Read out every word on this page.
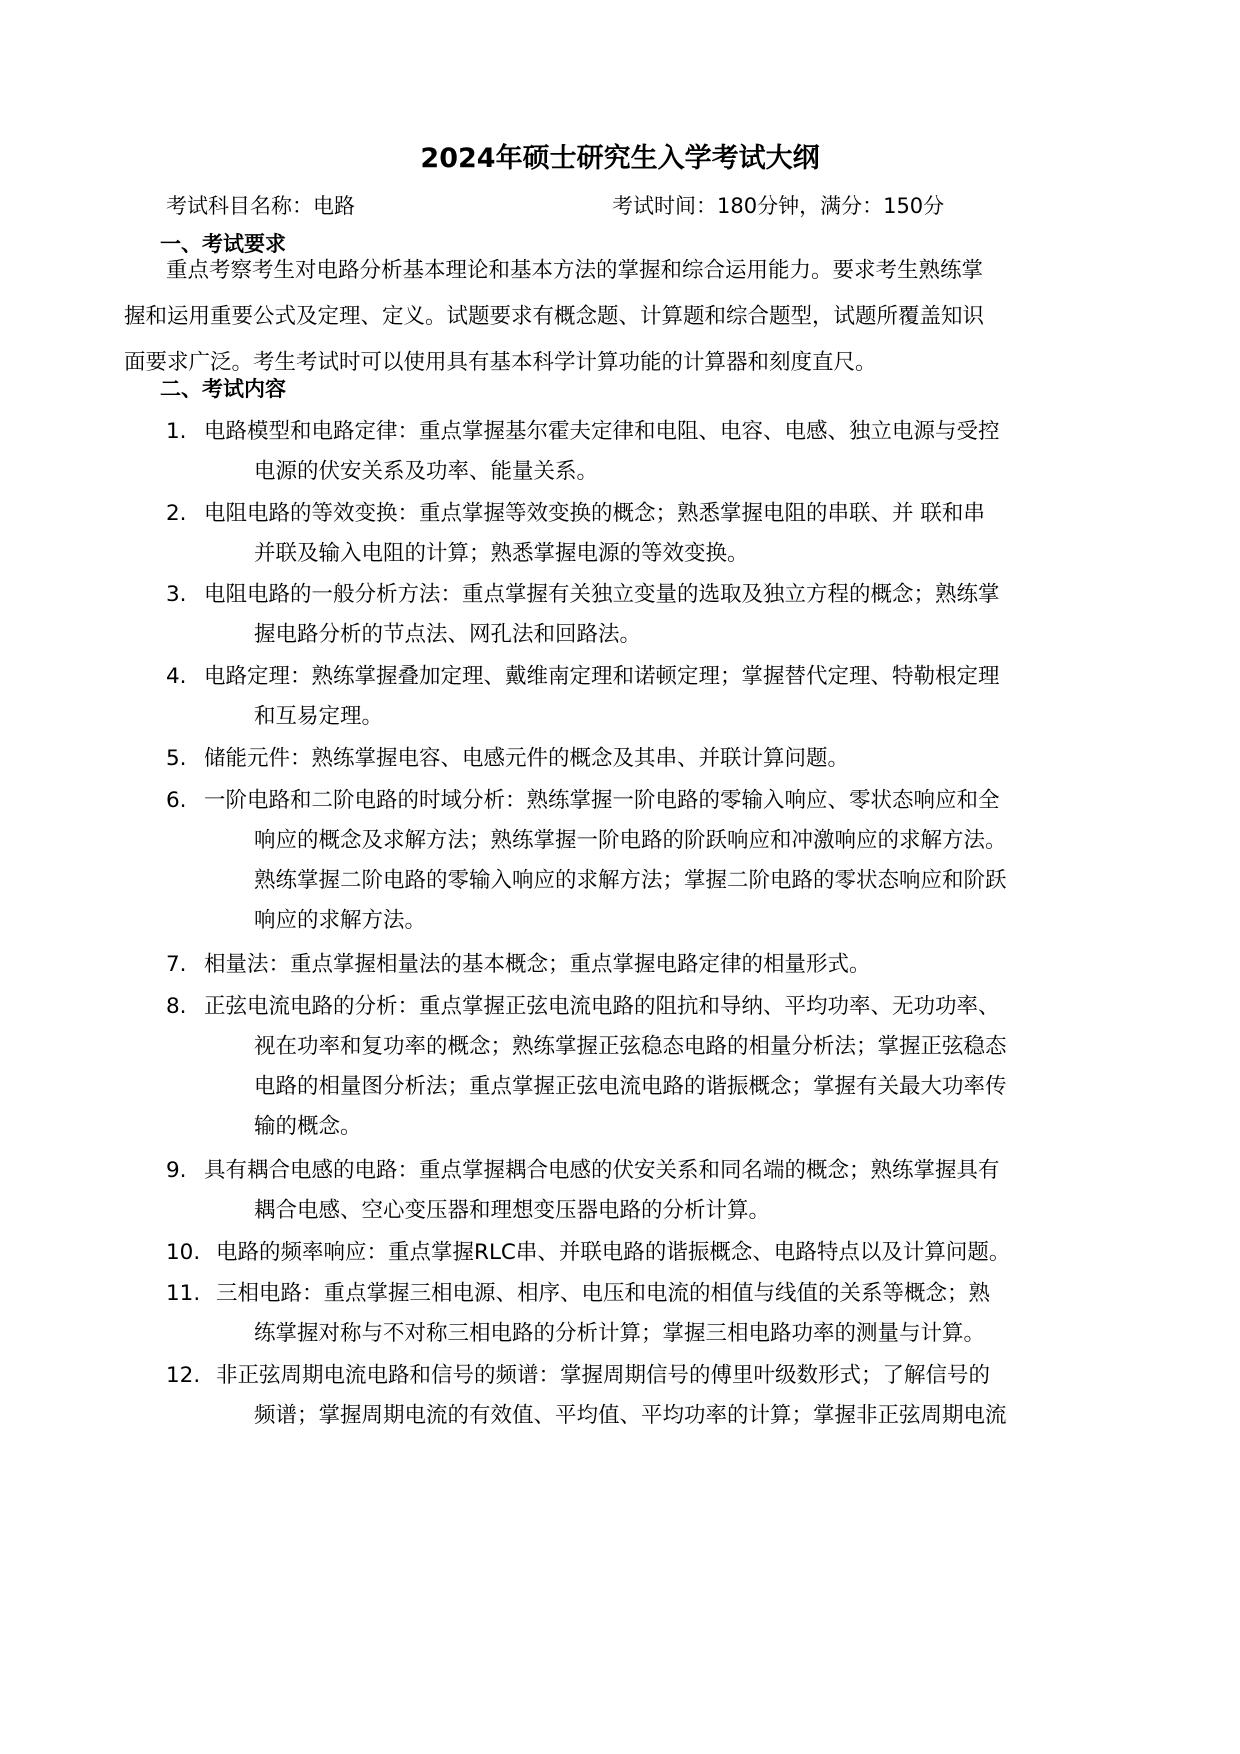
2024年硕士研究生入学考试大纲
考试科目名称：电路	考试时间：180分钟，满分：150分
一、考试要求
重点考察考生对电路分析基本理论和基本方法的掌握和综合运用能力。要求考生熟练掌
握和运用重要公式及定理、定义。试题要求有概念题、计算题和综合题型，试题所覆盖知识
面要求广泛。考生考试时可以使用具有基本科学计算功能的计算器和刻度直尺。
二、考试内容
1. 电路模型和电路定律：重点掌握基尔霍夫定律和电阻、电容、电感、独立电源与受控
电源的伏安关系及功率、能量关系。
2. 电阻电路的等效变换：重点掌握等效变换的概念；熟悉掌握电阻的串联、并 联和串
并联及输入电阻的计算；熟悉掌握电源的等效变换。
3. 电阻电路的一般分析方法：重点掌握有关独立变量的选取及独立方程的概念；熟练掌
握电路分析的节点法、网孔法和回路法。
4. 电路定理：熟练掌握叠加定理、戴维南定理和诺顿定理；掌握替代定理、特勒根定理
和互易定理。
5. 储能元件：熟练掌握电容、电感元件的概念及其串、并联计算问题。
6. 一阶电路和二阶电路的时域分析：熟练掌握一阶电路的零输入响应、零状态响应和全
响应的概念及求解方法；熟练掌握一阶电路的阶跃响应和冲激响应的求解方法。
熟练掌握二阶电路的零输入响应的求解方法；掌握二阶电路的零状态响应和阶跃
响应的求解方法。
7. 相量法：重点掌握相量法的基本概念；重点掌握电路定律的相量形式。
8. 正弦电流电路的分析：重点掌握正弦电流电路的阻抗和导纳、平均功率、无功功率、
视在功率和复功率的概念；熟练掌握正弦稳态电路的相量分析法；掌握正弦稳态
电路的相量图分析法；重点掌握正弦电流电路的谐振概念；掌握有关最大功率传
输的概念。
9. 具有耦合电感的电路：重点掌握耦合电感的伏安关系和同名端的概念；熟练掌握具有
耦合电感、空心变压器和理想变压器电路的分析计算。
10. 电路的频率响应：重点掌握RLC串、并联电路的谐振概念、电路特点以及计算问题。
11. 三相电路：重点掌握三相电源、相序、电压和电流的相值与线值的关系等概念；熟
练掌握对称与不对称三相电路的分析计算；掌握三相电路功率的测量与计算。
12. 非正弦周期电流电路和信号的频谱：掌握周期信号的傅里叶级数形式；了解信号的
频谱；掌握周期电流的有效值、平均值、平均功率的计算；掌握非正弦周期电流
